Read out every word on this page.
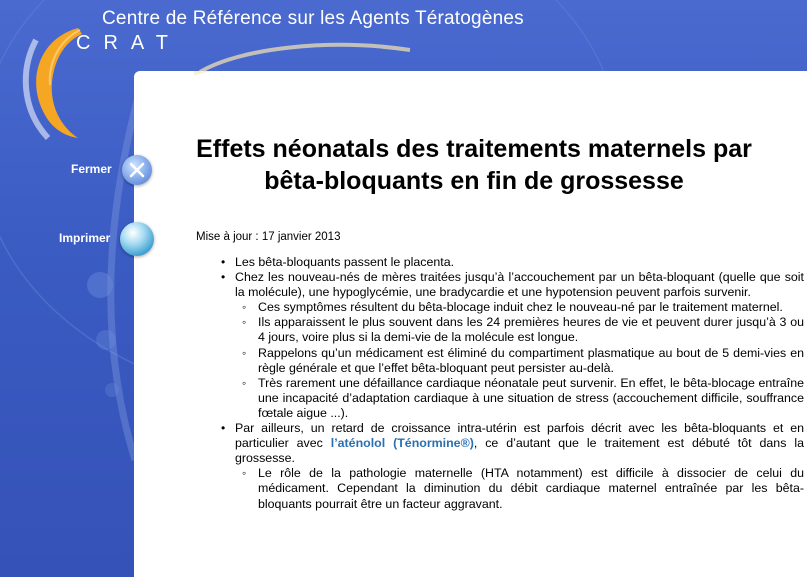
Centre de Référence sur les Agents Tératogènes
CRAT
Effets néonatals des traitements maternels par bêta-bloquants en fin de grossesse
Mise à jour : 17 janvier 2013
• Les bêta-bloquants passent le placenta.
• Chez les nouveau-nés de mères traitées jusqu’à l’accouchement par un bêta-bloquant (quelle que soit la molécule), une hypoglycémie, une bradycardie et une hypotension peuvent parfois survenir.
◦ Ces symptômes résultent du bêta-blocage induit chez le nouveau-né par le traitement maternel.
◦ Ils apparaissent le plus souvent dans les 24 premières heures de vie et peuvent durer jusqu’à 3 ou 4 jours, voire plus si la demi-vie de la molécule est longue.
◦ Rappelons qu’un médicament est éliminé du compartiment plasmatique au bout de 5 demi-vies en règle générale et que l’effet bêta-bloquant peut persister au-delà.
◦ Très rarement une défaillance cardiaque néonatale peut survenir. En effet, le bêta-blocage entraîne une incapacité d’adaptation cardiaque à une situation de stress (accouchement difficile, souffrance fœtale aigue ...).
• Par ailleurs, un retard de croissance intra-utérin est parfois décrit avec les bêta-bloquants et en particulier avec l’aténolol (Ténormine®), ce d’autant que le traitement est débuté tôt dans la grossesse.
◦ Le rôle de la pathologie maternelle (HTA notamment) est difficile à dissocier de celui du médicament. Cependant la diminution du débit cardiaque maternel entraînée par les bêta-bloquants pourrait être un facteur aggravant.
Fermer
Imprimer
